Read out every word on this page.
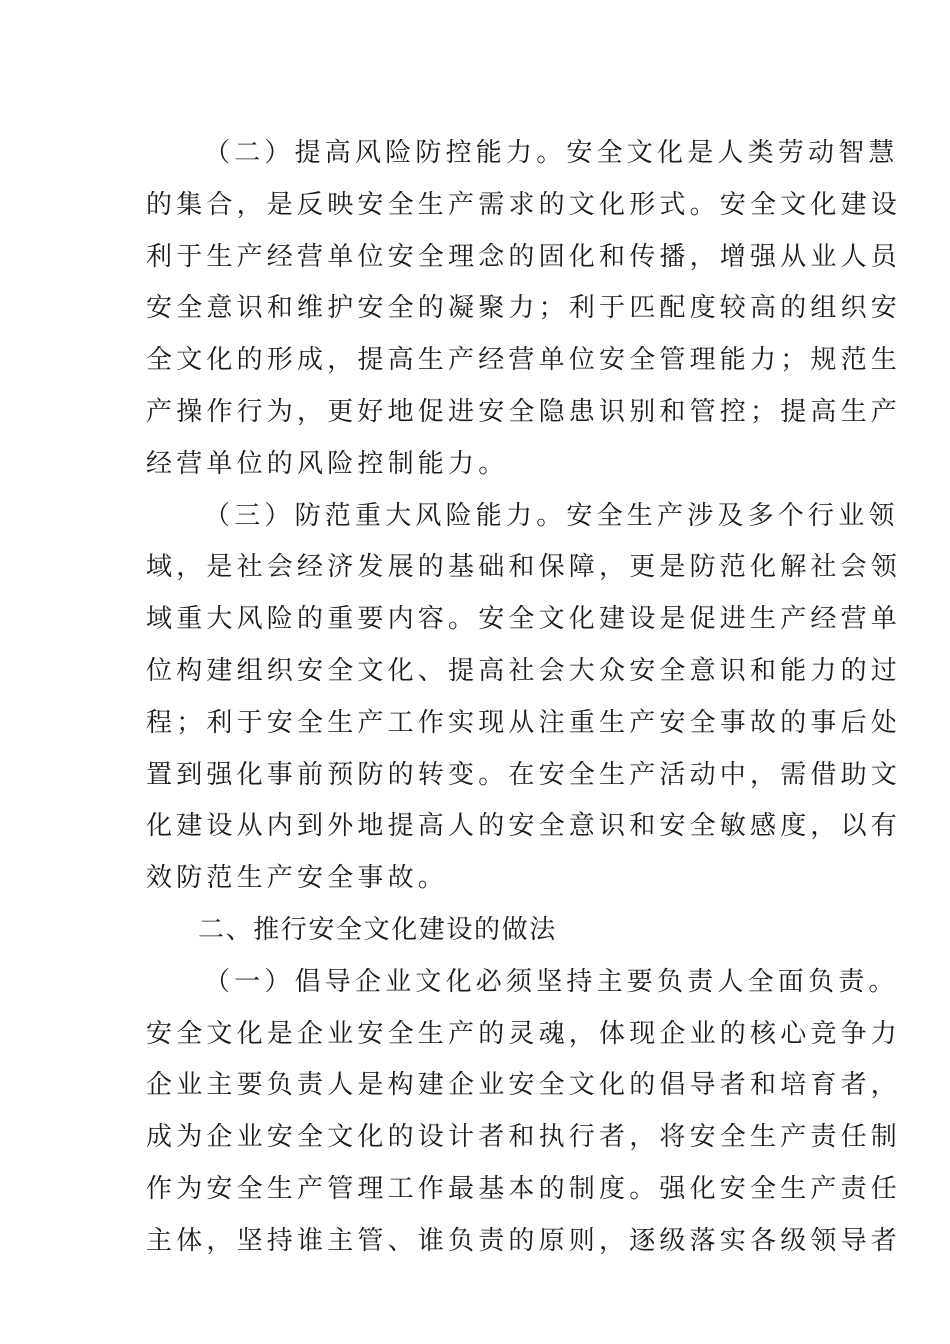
（二）提高风险防控能力。安全文化是人类劳动智慧
的集合，是反映安全生产需求的文化形式。安全文化建设
利于生产经营单位安全理念的固化和传播，增强从业人员
安全意识和维护安全的凝聚力；利于匹配度较高的组织安
全文化的形成，提高生产经营单位安全管理能力；规范生
产操作行为，更好地促进安全隐患识别和管控；提高生产
经营单位的风险控制能力。
（三）防范重大风险能力。安全生产涉及多个行业领
域，是社会经济发展的基础和保障，更是防范化解社会领
域重大风险的重要内容。安全文化建设是促进生产经营单
位构建组织安全文化、提高社会大众安全意识和能力的过
程；利于安全生产工作实现从注重生产安全事故的事后处
置到强化事前预防的转变。在安全生产活动中，需借助文
化建设从内到外地提高人的安全意识和安全敏感度，以有
效防范生产安全事故。
二、推行安全文化建设的做法
（一）倡导企业文化必须坚持主要负责人全面负责。
安全文化是企业安全生产的灵魂，体现企业的核心竞争力
企业主要负责人是构建企业安全文化的倡导者和培育者，
成为企业安全文化的设计者和执行者，将安全生产责任制
作为安全生产管理工作最基本的制度。强化安全生产责任
主体，坚持谁主管、谁负责的原则，逐级落实各级领导者
